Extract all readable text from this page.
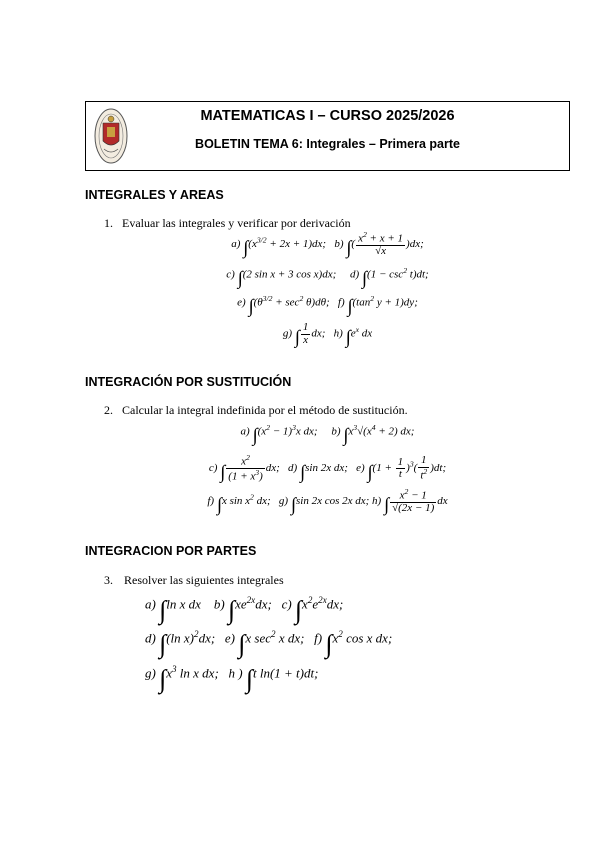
MATEMATICAS I – CURSO 2025/2026
BOLETIN TEMA 6: Integrales – Primera parte
INTEGRALES Y AREAS
1. Evaluar las integrales y verificar por derivación
a) $\int(x^{3/2} + 2x + 1)dx$;   b) ∫( $\frac{x^2 + x + 1}{√x} )dx$;
c) ∫(2 sin x + 3 cos x)dx;     d) $\int(1 - \csc^2 t)dt$;
e) $\int(\theta^{3/2} + \sec^2 \theta)d\theta$;   f) $\int(\tan^2$ y + 1)dy;
g) ∫ $\frac{1}{x}$ dx;   h) $\int e^x$ dx
INTEGRACIÓN POR SUSTITUCIÓN
2. Calcular la integral indefinida por el método de sustitución.
a) $\int(x^2 - 1)^3x$ dx;     b) $\int x^3√(x^4 + 2)$ dx;
c) ∫ $\frac{x^2}{(1 + x^3)}$ dx;   d) ∫sin 2x dx;   e) $\int(1 + \frac{1}{t} )^3( \frac{1}{t^2} )dt$;
f) ∫x $\sin x^2$ dx;   g) ∫sin 2x cos 2x dx; h) ∫ $\frac{x^2 - 1}{√(2x - 1)}$ dx
INTEGRACION POR PARTES
3. Resolver las siguientes integrales
a) ∫ln x dx    b) $\int xe^{2x}dx$;   c) $\int x^2e^{2x}dx$;
d) ∫(ln x)$^2$dx;   e) ∫x $\sec^2 x$ dx;   f) $\int x^2$ cos x dx;
g) $\int x^3$ ln x dx;   h ) ∫t ln(1 + t)dt;
